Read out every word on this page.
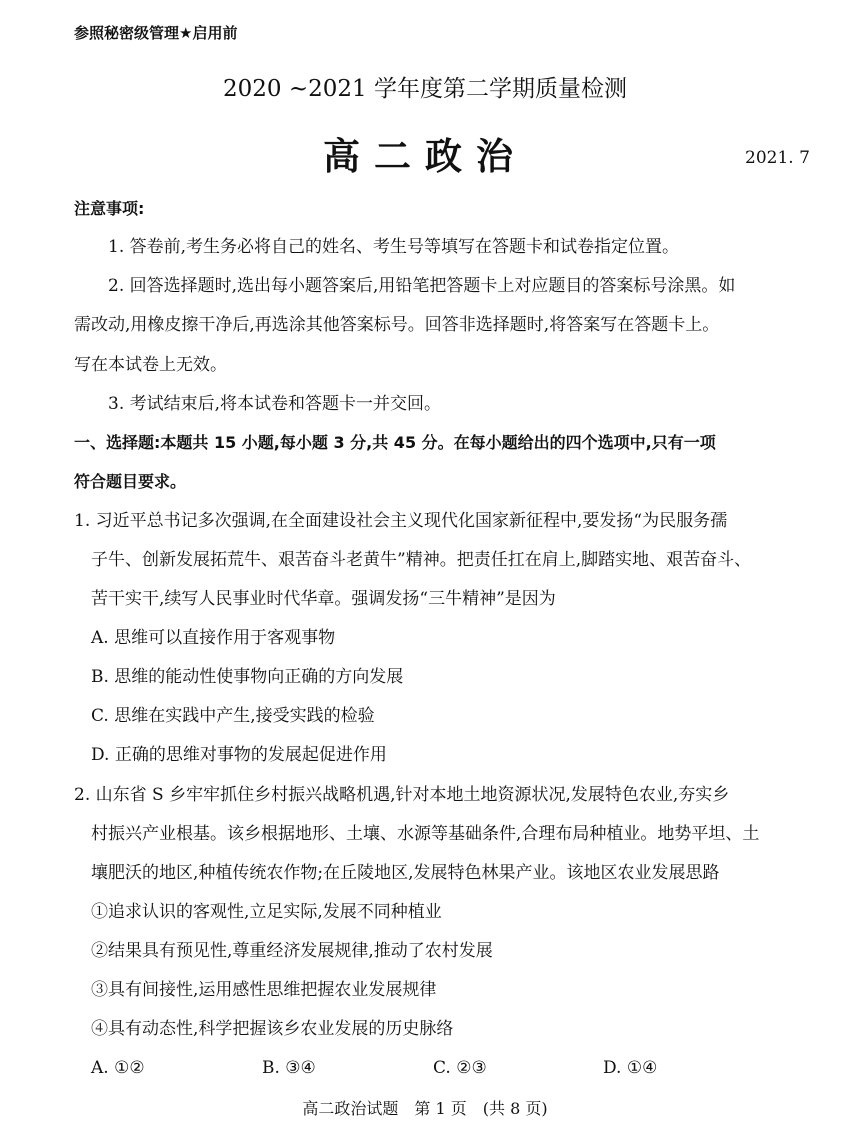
参照秘密级管理★启用前
2020 ~2021 学年度第二学期质量检测
高二政治	2021. 7
注意事项:
1. 答卷前,考生务必将自己的姓名、考生号等填写在答题卡和试卷指定位置。
2. 回答选择题时,选出每小题答案后,用铅笔把答题卡上对应题目的答案标号涂黑。如
需改动,用橡皮擦干净后,再选涂其他答案标号。回答非选择题时,将答案写在答题卡上。
写在本试卷上无效。
3. 考试结束后,将本试卷和答题卡一并交回。
一、选择题:本题共 15 小题,每小题 3 分,共 45 分。在每小题给出的四个选项中,只有一项
符合题目要求。
1. 习近平总书记多次强调,在全面建设社会主义现代化国家新征程中,要发扬“为民服务孺
子牛、创新发展拓荒牛、艰苦奋斗老黄牛”精神。把责任扛在肩上,脚踏实地、艰苦奋斗、
苦干实干,续写人民事业时代华章。强调发扬“三牛精神”是因为
A. 思维可以直接作用于客观事物
B. 思维的能动性使事物向正确的方向发展
C. 思维在实践中产生,接受实践的检验
D. 正确的思维对事物的发展起促进作用
2. 山东省 S 乡牢牢抓住乡村振兴战略机遇,针对本地土地资源状况,发展特色农业,夯实乡
村振兴产业根基。该乡根据地形、土壤、水源等基础条件,合理布局种植业。地势平坦、土
壤肥沃的地区,种植传统农作物;在丘陵地区,发展特色林果产业。该地区农业发展思路
①追求认识的客观性,立足实际,发展不同种植业
②结果具有预见性,尊重经济发展规律,推动了农村发展
③具有间接性,运用感性思维把握农业发展规律
④具有动态性,科学把握该乡农业发展的历史脉络
A. ①②	B. ③④	C. ②③	D. ①④
高二政治试题　第 1 页　(共 8 页)
